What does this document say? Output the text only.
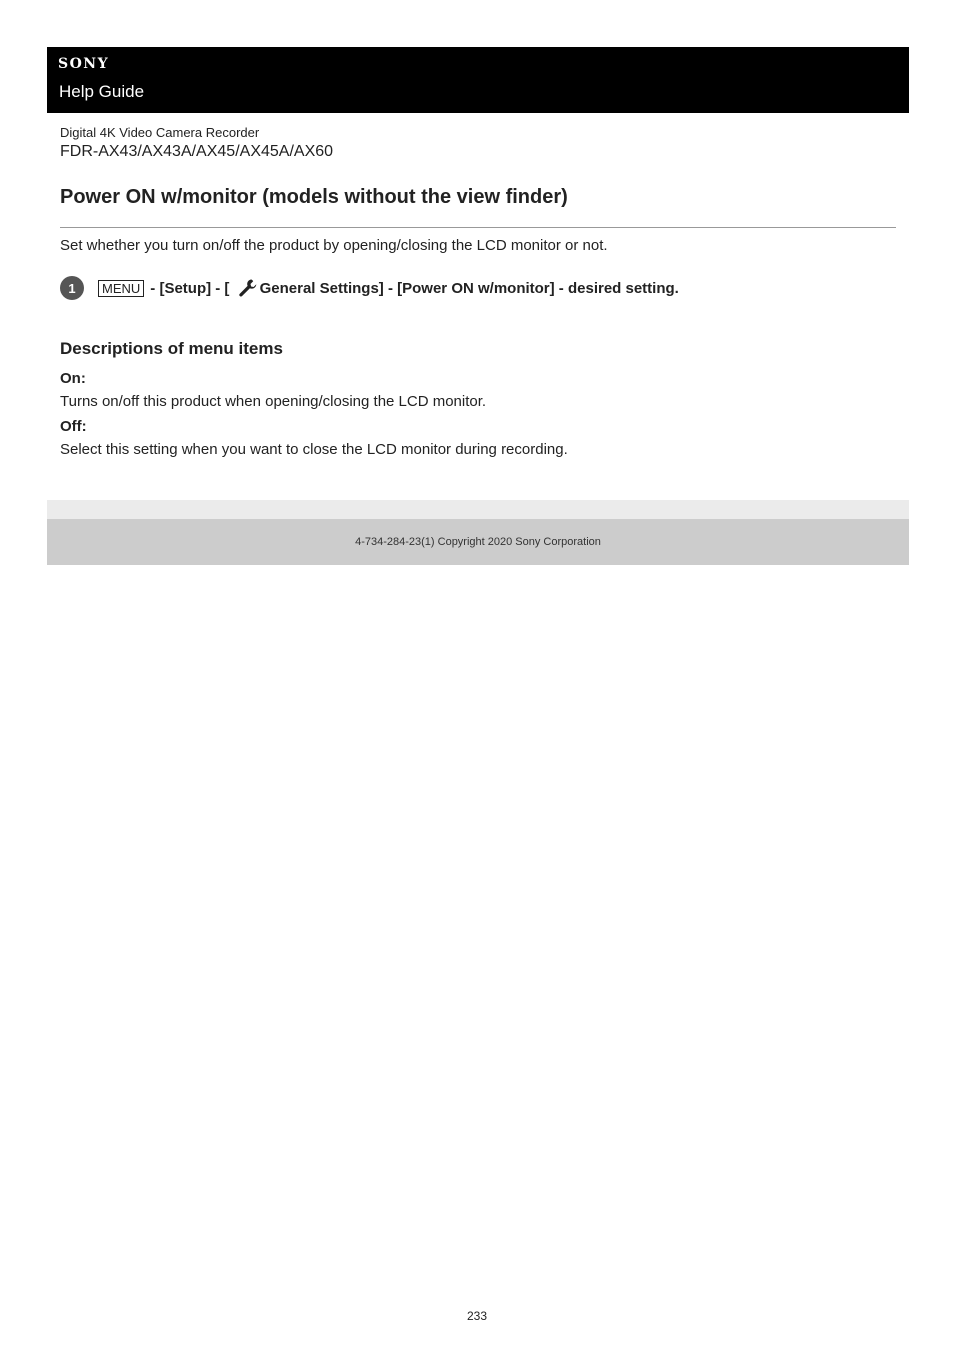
SONY
Help Guide
Digital 4K Video Camera Recorder
FDR-AX43/AX43A/AX45/AX45A/AX60
Power ON w/monitor (models without the view finder)
Set whether you turn on/off the product by opening/closing the LCD monitor or not.
1	MENU - [Setup] - [ General Settings] - [Power ON w/monitor] - desired setting.
Descriptions of menu items
On:
Turns on/off this product when opening/closing the LCD monitor.
Off:
Select this setting when you want to close the LCD monitor during recording.
4-734-284-23(1) Copyright 2020 Sony Corporation
233
